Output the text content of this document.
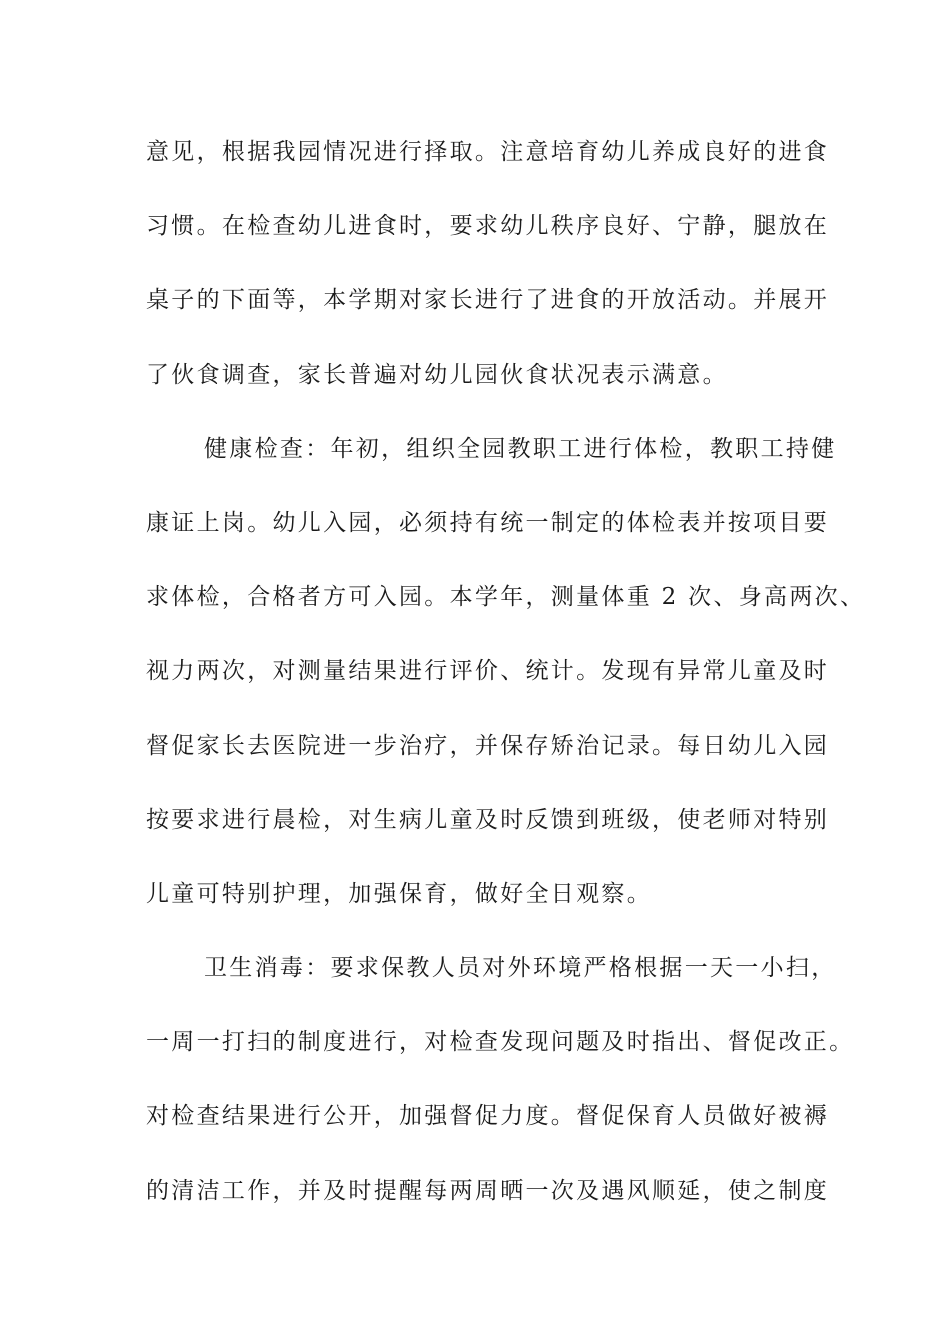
意见，根据我园情况进行择取。注意培育幼儿养成良好的进食
习惯。在检查幼儿进食时，要求幼儿秩序良好、宁静，腿放在
桌子的下面等，本学期对家长进行了进食的开放活动。并展开
了伙食调查，家长普遍对幼儿园伙食状况表示满意。
健康检查：年初，组织全园教职工进行体检，教职工持健
康证上岗。幼儿入园，必须持有统一制定的体检表并按项目要
求体检，合格者方可入园。本学年，测量体重 2 次、身高两次、
视力两次，对测量结果进行评价、统计。发现有异常儿童及时
督促家长去医院进一步治疗，并保存矫治记录。每日幼儿入园
按要求进行晨检，对生病儿童及时反馈到班级，使老师对特别
儿童可特别护理，加强保育，做好全日观察。
卫生消毒：要求保教人员对外环境严格根据一天一小扫，
一周一打扫的制度进行，对检查发现问题及时指出、督促改正。
对检查结果进行公开，加强督促力度。督促保育人员做好被褥
的清洁工作，并及时提醒每两周晒一次及遇风顺延，使之制度
